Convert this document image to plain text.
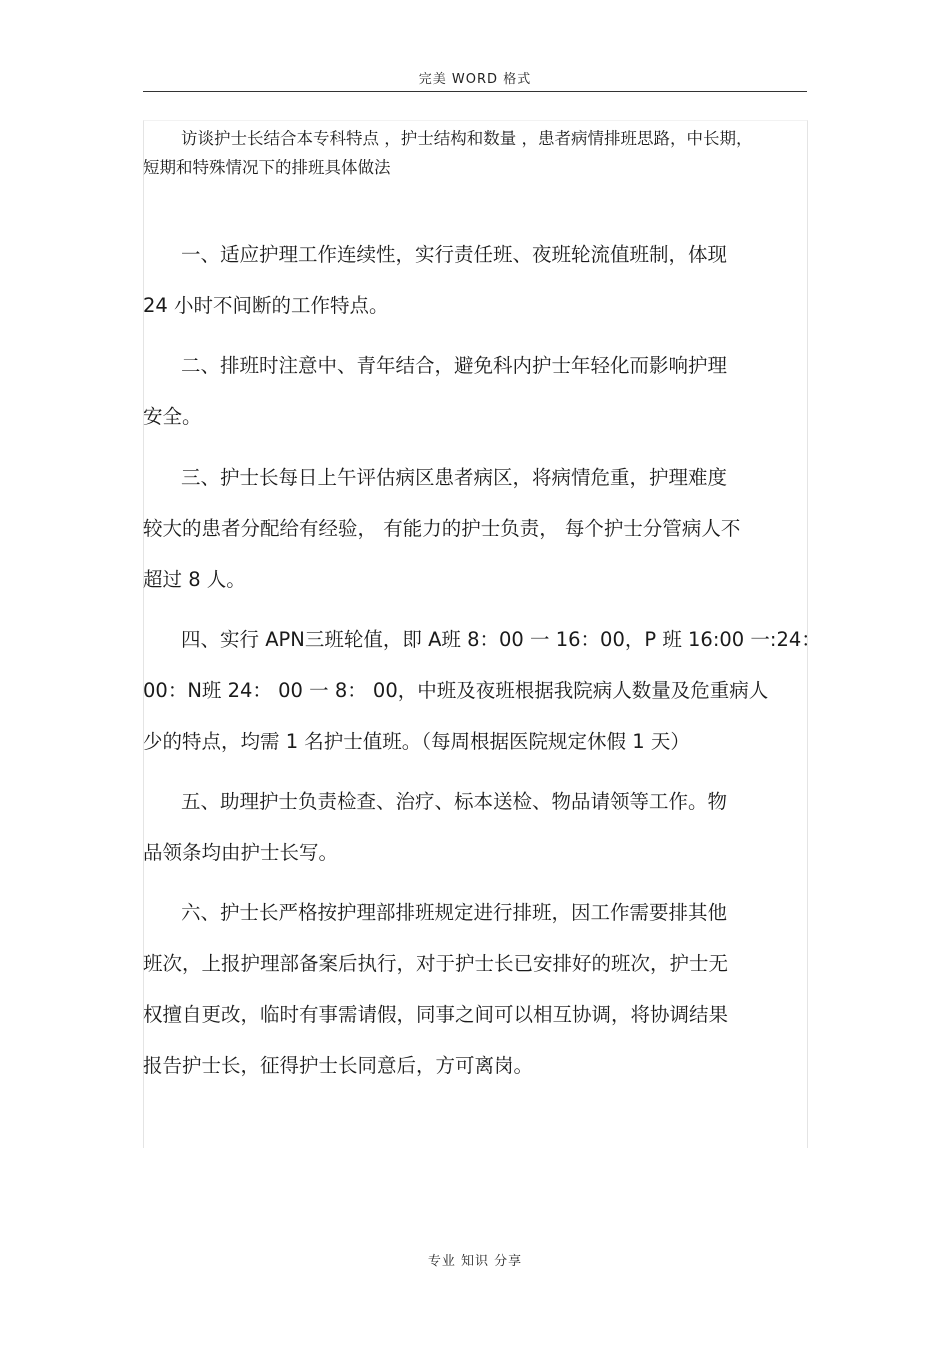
完美 WORD 格式
访谈护士长结合本专科特点 ，护士结构和数量 ，患者病情排班思路，中长期，
短期和特殊情况下的排班具体做法
一、适应护理工作连续性，实行责任班、夜班轮流值班制，体现
24 小时不间断的工作特点。
二、排班时注意中、青年结合，避免科内护士年轻化而影响护理
安全。
三、护士长每日上午评估病区患者病区，将病情危重，护理难度
较大的患者分配给有经验， 有能力的护士负责， 每个护士分管病人不
超过 8 人。
四、实行 APN三班轮值，即 A班 8：00 一 16：00，P 班 16:00 一:24：
00：N班 24： 00 一 8： 00，中班及夜班根据我院病人数量及危重病人
少的特点，均需 1 名护士值班。（每周根据医院规定休假 1 天）
五、助理护士负责检查、治疗、标本送检、物品请领等工作。物
品领条均由护士长写。
六、护士长严格按护理部排班规定进行排班，因工作需要排其他
班次，上报护理部备案后执行，对于护士长已安排好的班次，护士无
权擅自更改，临时有事需请假，同事之间可以相互协调，将协调结果
报告护士长，征得护士长同意后，方可离岗。
专业 知识 分享
